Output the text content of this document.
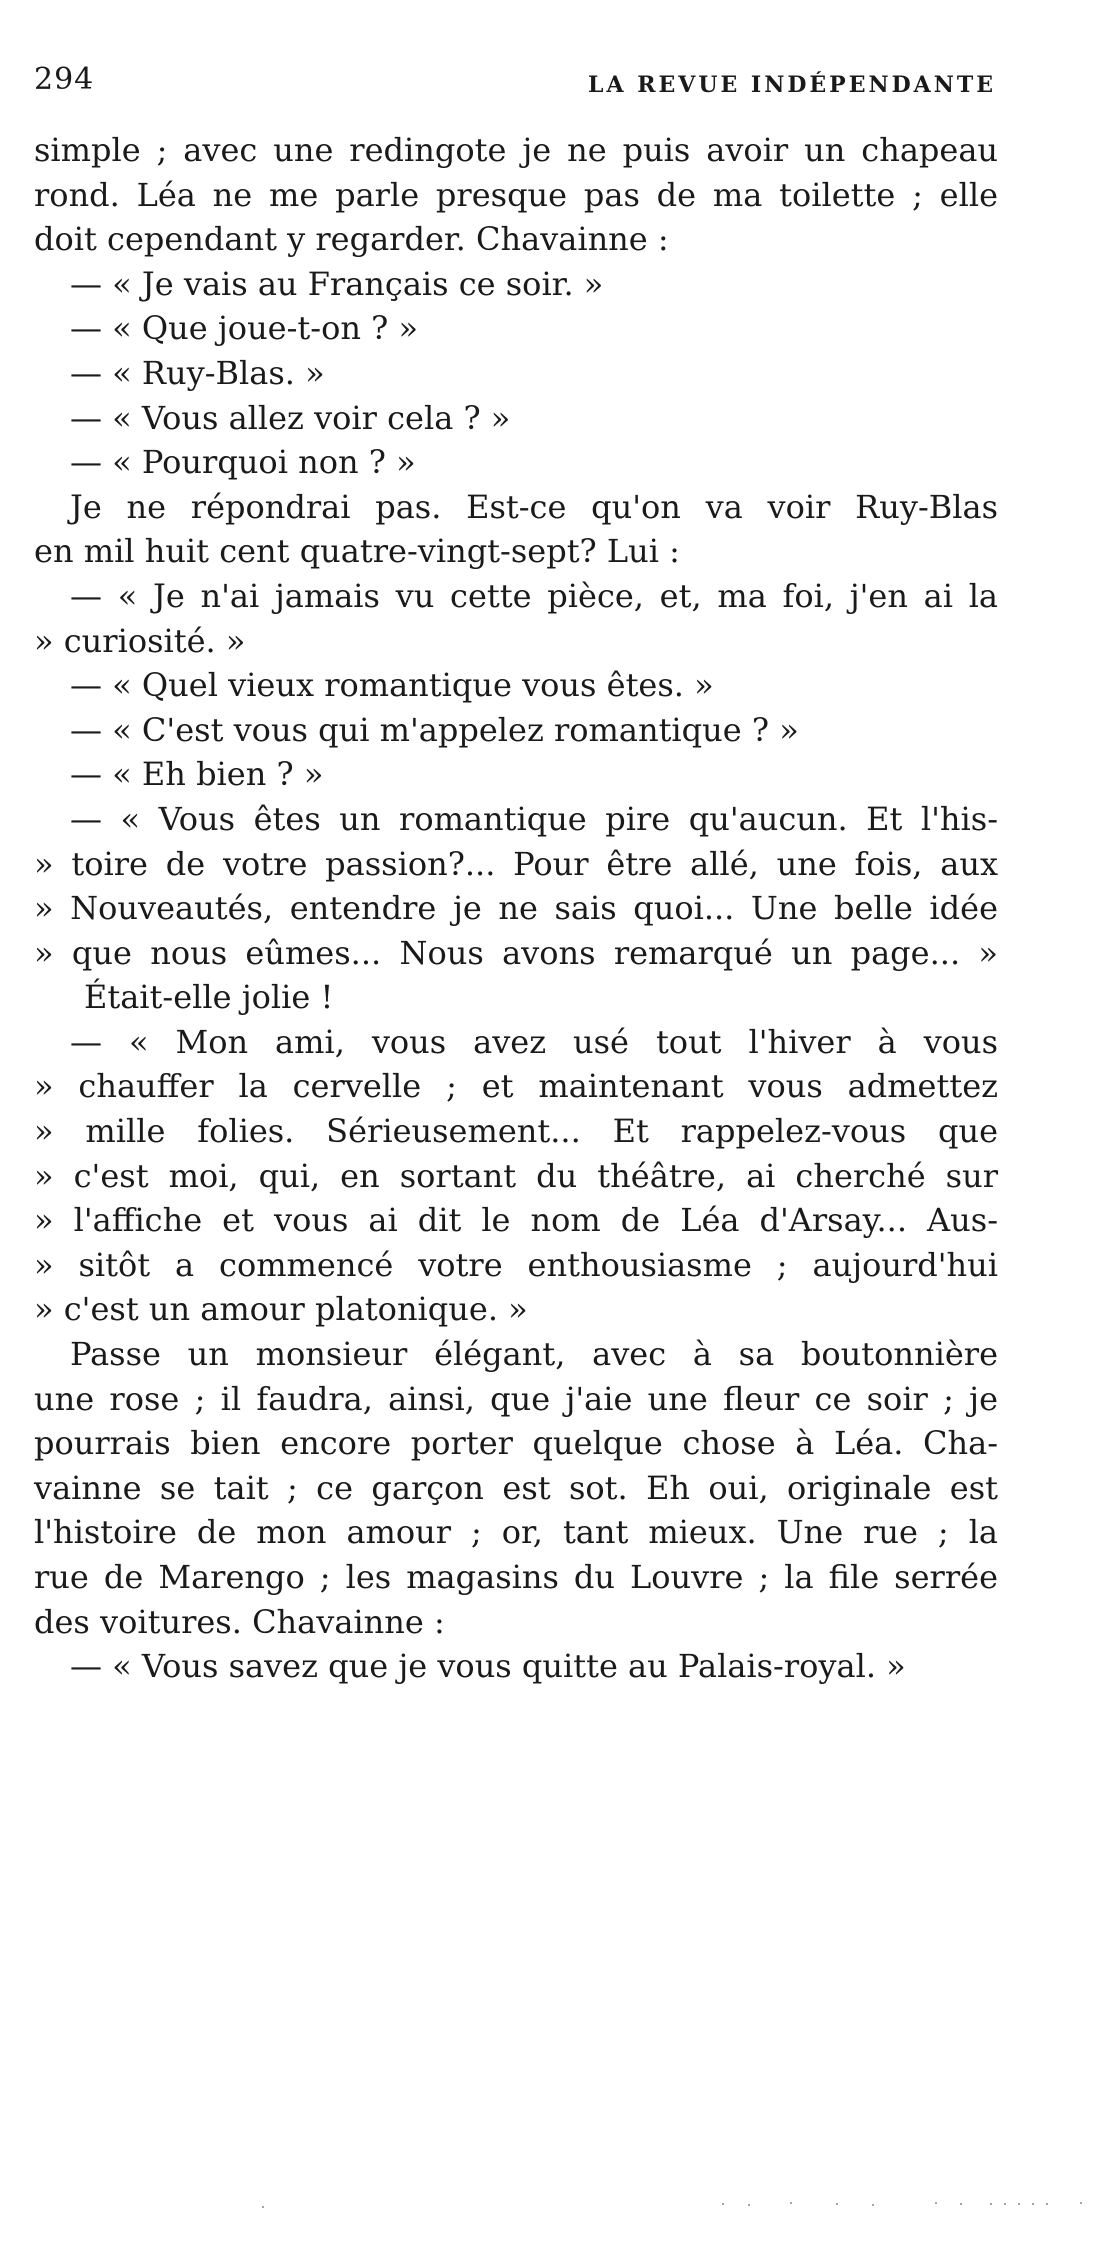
294	LA REVUE INDÉPENDANTE
simple ; avec une redingote je ne puis avoir un chapeau
rond. Léa ne me parle presque pas de ma toilette ; elle
doit cependant y regarder. Chavainne :
— « Je vais au Français ce soir. »
— « Que joue-t-on ? »
— « Ruy-Blas. »
— « Vous allez voir cela ? »
— « Pourquoi non ? »
Je ne répondrai pas. Est-ce qu'on va voir Ruy-Blas
en mil huit cent quatre-vingt-sept? Lui :
— « Je n'ai jamais vu cette pièce, et, ma foi, j'en ai la
» curiosité. »
— « Quel vieux romantique vous êtes. »
— « C'est vous qui m'appelez romantique ? »
— « Eh bien ? »
— « Vous êtes un romantique pire qu'aucun. Et l'his-
» toire de votre passion?... Pour être allé, une fois, aux
» Nouveautés, entendre je ne sais quoi... Une belle idée
» que nous eûmes... Nous avons remarqué un page... »
Était-elle jolie !
— « Mon ami, vous avez usé tout l'hiver à vous
» chauffer la cervelle ; et maintenant vous admettez
» mille folies. Sérieusement... Et rappelez-vous que
» c'est moi, qui, en sortant du théâtre, ai cherché sur
» l'affiche et vous ai dit le nom de Léa d'Arsay... Aus-
» sitôt a commencé votre enthousiasme ; aujourd'hui
» c'est un amour platonique. »
Passe un monsieur élégant, avec à sa boutonnière
une rose ; il faudra, ainsi, que j'aie une fleur ce soir ; je
pourrais bien encore porter quelque chose à Léa. Cha-
vainne se tait ; ce garçon est sot. Eh oui, originale est
l'histoire de mon amour ; or, tant mieux. Une rue ; la
rue de Marengo ; les magasins du Louvre ; la file serrée
des voitures. Chavainne :
— « Vous savez que je vous quitte au Palais-royal. »
